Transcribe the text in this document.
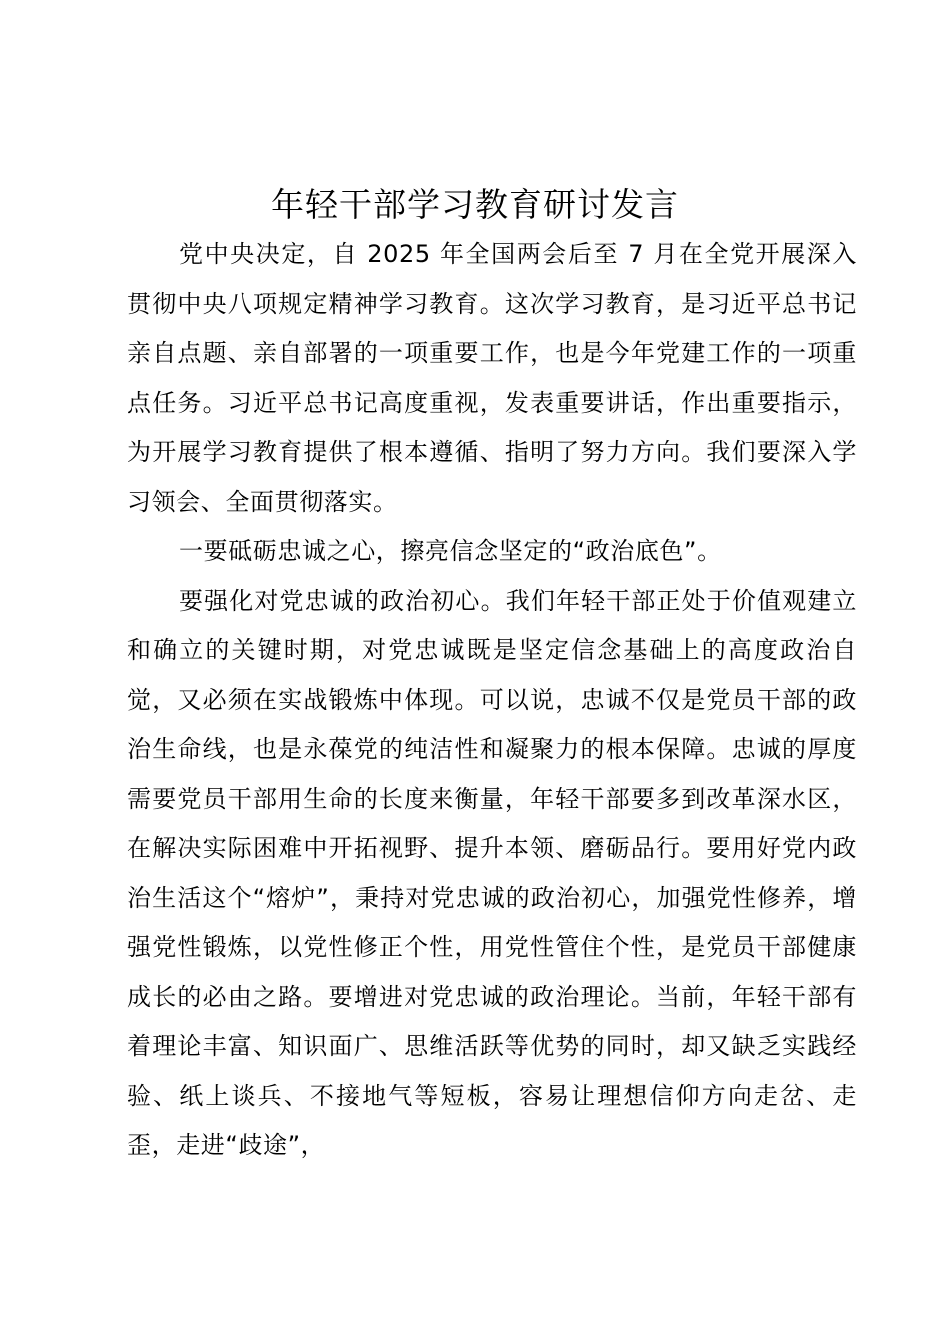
年轻干部学习教育研讨发言

党中央决定，自 2025 年全国两会后至 7 月在全党开展深入贯彻中央八项规定精神学习教育。这次学习教育，是习近平总书记亲自点题、亲自部署的一项重要工作，也是今年党建工作的一项重点任务。习近平总书记高度重视，发表重要讲话，作出重要指示，为开展学习教育提供了根本遵循、指明了努力方向。我们要深入学习领会、全面贯彻落实。

一要砥砺忠诚之心，擦亮信念坚定的“政治底色”。

要强化对党忠诚的政治初心。我们年轻干部正处于价值观建立和确立的关键时期，对党忠诚既是坚定信念基础上的高度政治自觉，又必须在实战锻炼中体现。可以说，忠诚不仅是党员干部的政治生命线，也是永葆党的纯洁性和凝聚力的根本保障。忠诚的厚度需要党员干部用生命的长度来衡量，年轻干部要多到改革深水区，在解决实际困难中开拓视野、提升本领、磨砺品行。要用好党内政治生活这个“熔炉”，秉持对党忠诚的政治初心，加强党性修养，增强党性锻炼，以党性修正个性，用党性管住个性，是党员干部健康成长的必由之路。要增进对党忠诚的政治理论。当前，年轻干部有着理论丰富、知识面广、思维活跃等优势的同时，却又缺乏实践经验、纸上谈兵、不接地气等短板，容易让理想信仰方向走岔、走歪，走进“歧途”，
